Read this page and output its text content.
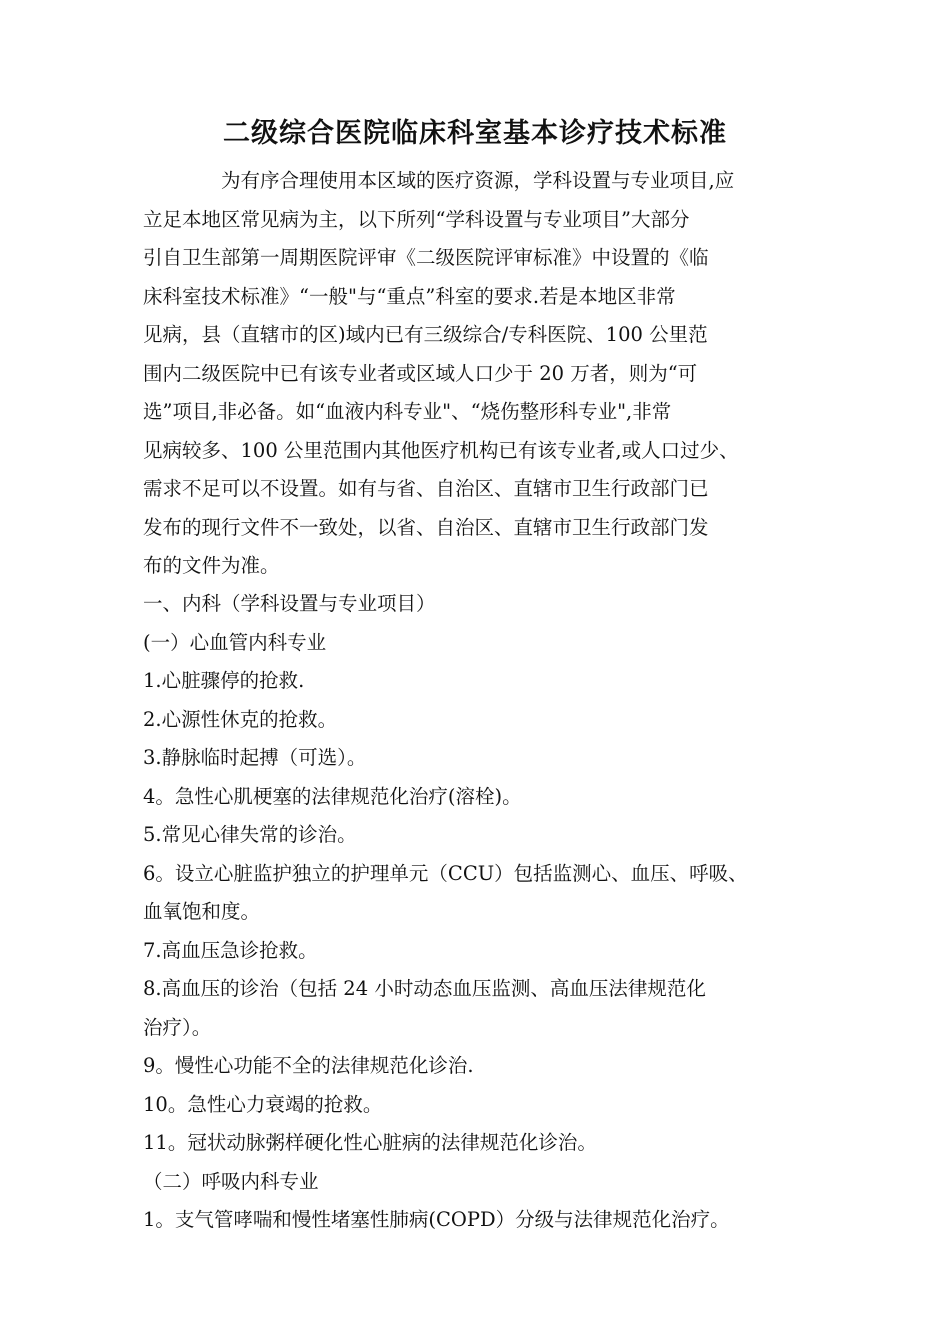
二级综合医院临床科室基本诊疗技术标准
　　　　为有序合理使用本区域的医疗资源，学科设置与专业项目,应
立足本地区常见病为主，以下所列“学科设置与专业项目”大部分
引自卫生部第一周期医院评审《二级医院评审标准》中设置的《临
床科室技术标准》“一般"与“重点”科室的要求.若是本地区非常
见病，县（直辖市的区)域内已有三级综合/专科医院、100 公里范
围内二级医院中已有该专业者或区域人口少于 20 万者，则为“可
选”项目,非必备。如“血液内科专业"、“烧伤整形科专业",非常
见病较多、100 公里范围内其他医疗机构已有该专业者,或人口过少、
需求不足可以不设置。如有与省、自治区、直辖市卫生行政部门已
发布的现行文件不一致处，以省、自治区、直辖市卫生行政部门发
布的文件为准。
一、内科（学科设置与专业项目）
(一）心血管内科专业
1.心脏骤停的抢救.
2.心源性休克的抢救。
3.静脉临时起搏（可选）。
4。急性心肌梗塞的法律规范化治疗(溶栓)。
5.常见心律失常的诊治。
6。设立心脏监护独立的护理单元（CCU）包括监测心、血压、呼吸、
血氧饱和度。
7.高血压急诊抢救。
8.高血压的诊治（包括 24 小时动态血压监测、高血压法律规范化
治疗）。
9。慢性心功能不全的法律规范化诊治.
10。急性心力衰竭的抢救。
11。冠状动脉粥样硬化性心脏病的法律规范化诊治。
（二）呼吸内科专业
1。支气管哮喘和慢性堵塞性肺病(COPD）分级与法律规范化治疗。
